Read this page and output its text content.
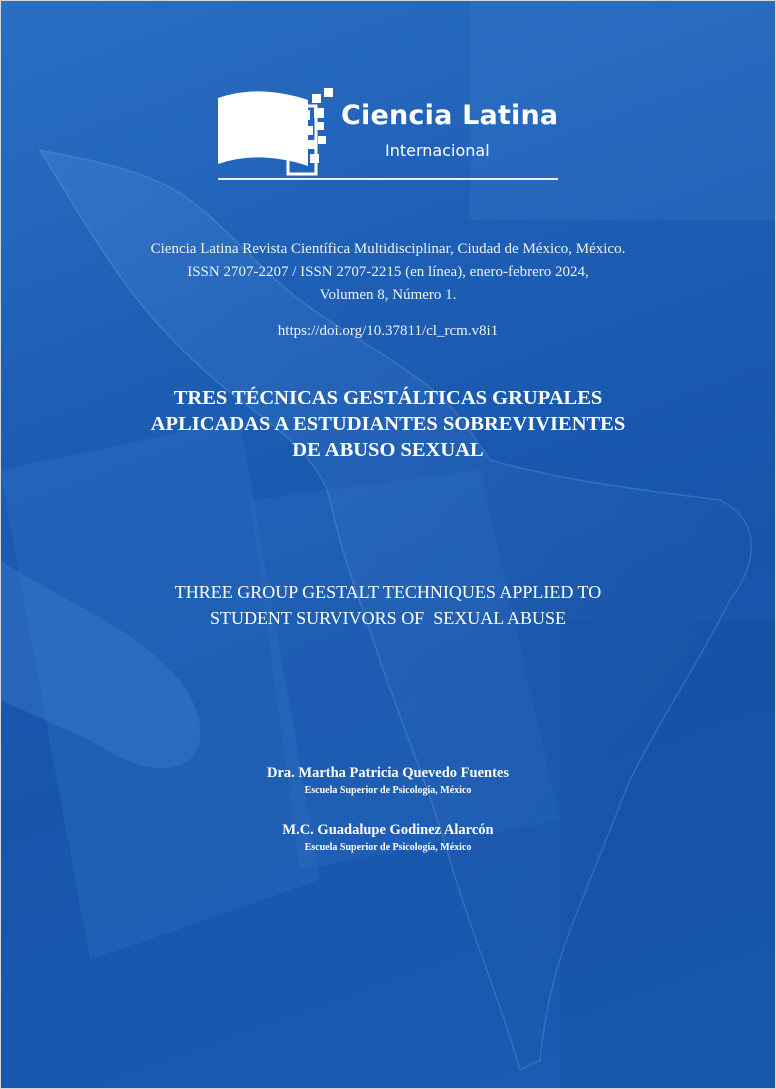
Ciencia Latina
Internacional
Ciencia Latina Revista Científica Multidisciplinar, Ciudad de México, México.
ISSN 2707-2207 / ISSN 2707-2215 (en línea), enero-febrero 2024,
Volumen 8, Número 1.
https://doi.org/10.37811/cl_rcm.v8i1
TRES TÉCNICAS GESTÁLTICAS GRUPALES
APLICADAS A ESTUDIANTES SOBREVIVIENTES
DE ABUSO SEXUAL
THREE GROUP GESTALT TECHNIQUES APPLIED TO
STUDENT SURVIVORS OF  SEXUAL ABUSE
Dra. Martha Patricia Quevedo Fuentes
Escuela Superior de Psicología, México
M.C. Guadalupe Godinez Alarcón
Escuela Superior de Psicología, México
